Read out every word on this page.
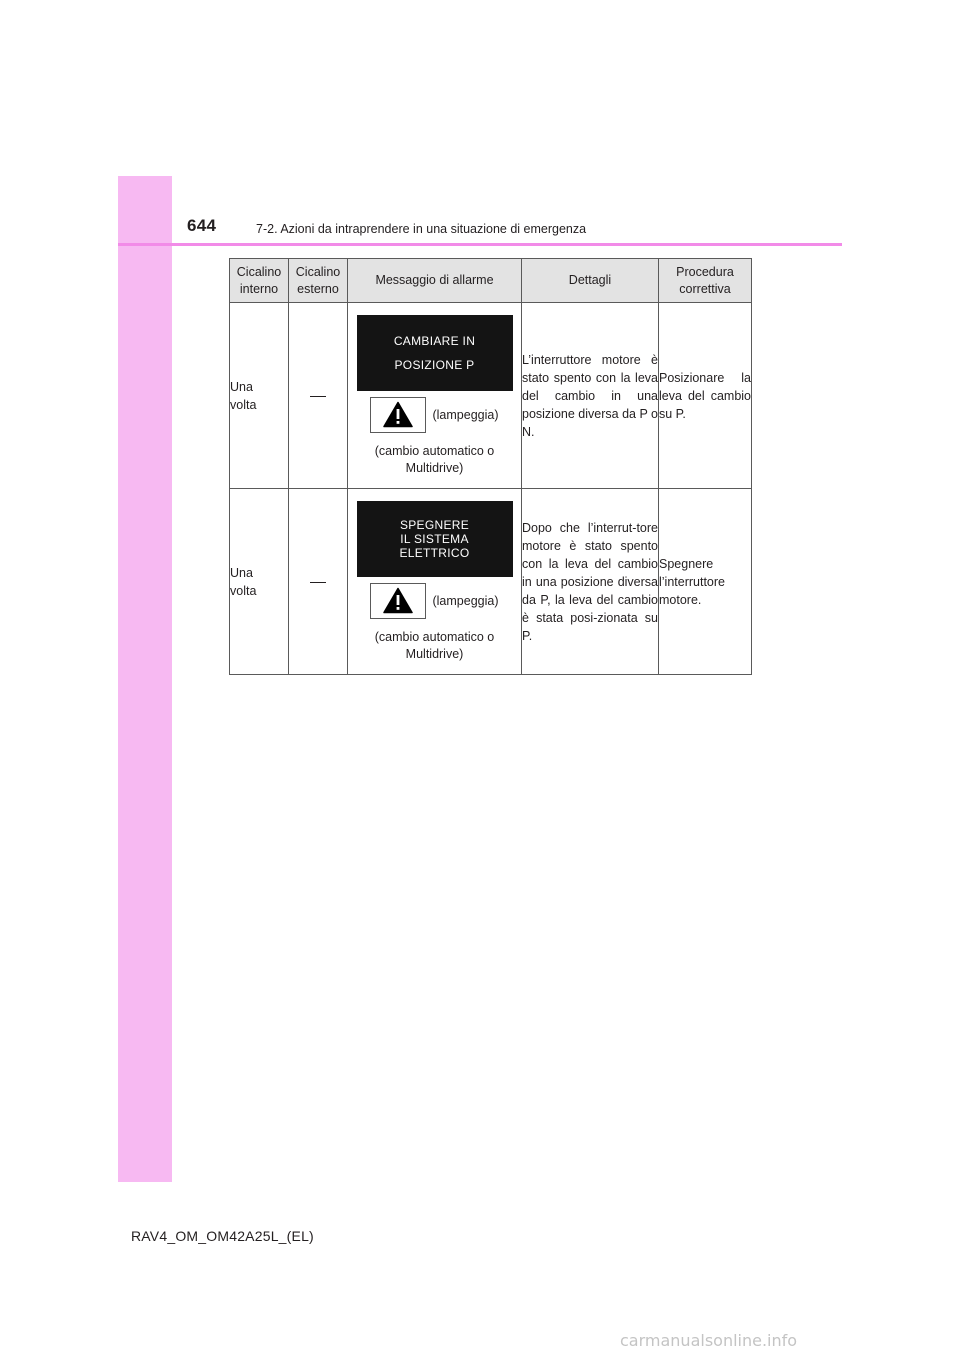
644	7-2. Azioni da intraprendere in una situazione di emergenza
Cicalino interno	Cicalino esterno	Messaggio di allarme	Dettagli	Procedura correttiva

Una volta		CAMBIARE IN
POSIZIONE P
(lampeggia)
(cambio automatico o Multidrive)	L’interruttore motore è stato spento con la leva del cambio in una posizione diversa da P o N.	Posizionare la leva del cambio su P.

Una volta		SPEGNERE
IL SISTEMA
ELETTRICO
(lampeggia)
(cambio automatico o Multidrive)	Dopo che l’interrut-tore motore è stato spento con la leva del cambio in una posizione diversa da P, la leva del cambio è stata posi-zionata su P.	Spegnere l’interruttore motore.
RAV4_OM_OM42A25L_(EL)
carmanualsonline.info
